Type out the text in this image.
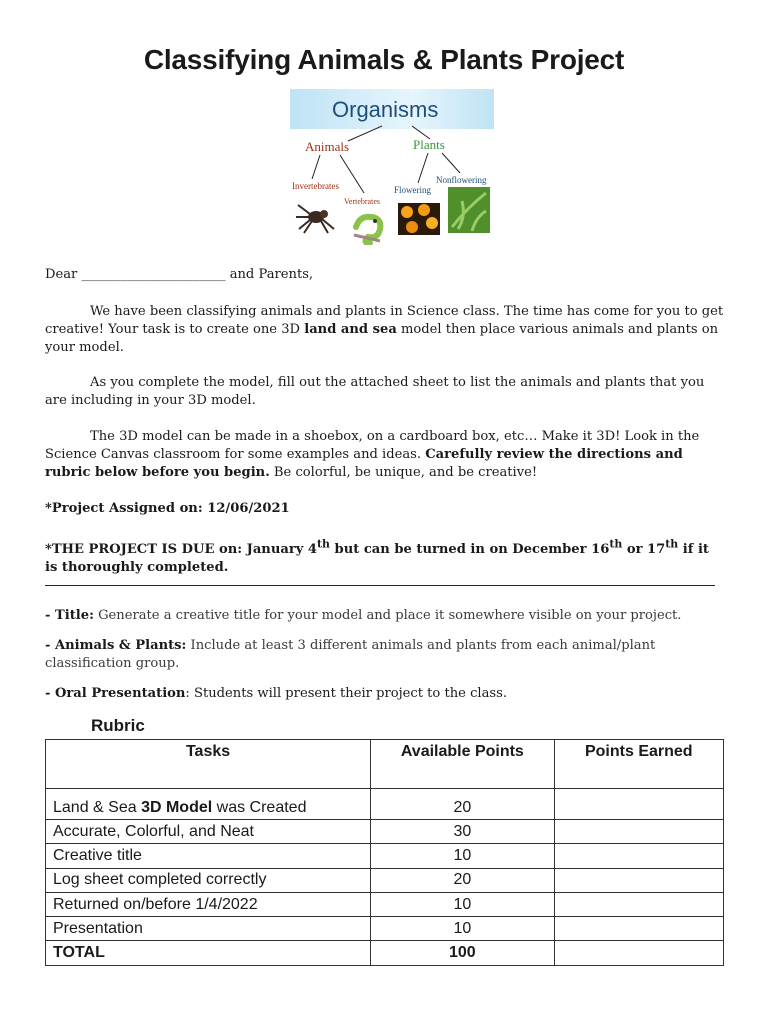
Classifying Animals & Plants Project
Organisms
Animals	Plants
Invertebrates
Vertebrates
Flowering
Nonflowering
Dear ______________________ and Parents,
We have been classifying animals and plants in Science class. The time has come for you to get creative! Your task is to create one 3D land and sea model then place various animals and plants on your model.
As you complete the model, fill out the attached sheet to list the animals and plants that you are including in your 3D model.
The 3D model can be made in a shoebox, on a cardboard box, etc… Make it 3D! Look in the Science Canvas classroom for some examples and ideas. Carefully review the directions and rubric below before you begin. Be colorful, be unique, and be creative!
*Project Assigned on: 12/06/2021
*THE PROJECT IS DUE on: January 4th but can be turned in on December 16th or 17th if it is thoroughly completed.
- Title: Generate a creative title for your model and place it somewhere visible on your project.
- Animals & Plants: Include at least 3 different animals and plants from each animal/plant classification group.
- Oral Presentation: Students will present their project to the class.
Rubric
Tasks	Available Points	Points Earned
Land & Sea 3D Model was Created	20	
Accurate, Colorful, and Neat	30	
Creative title	10	
Log sheet completed correctly	20	
Returned on/before 1/4/2022	10	
Presentation	10	
TOTAL	100	
